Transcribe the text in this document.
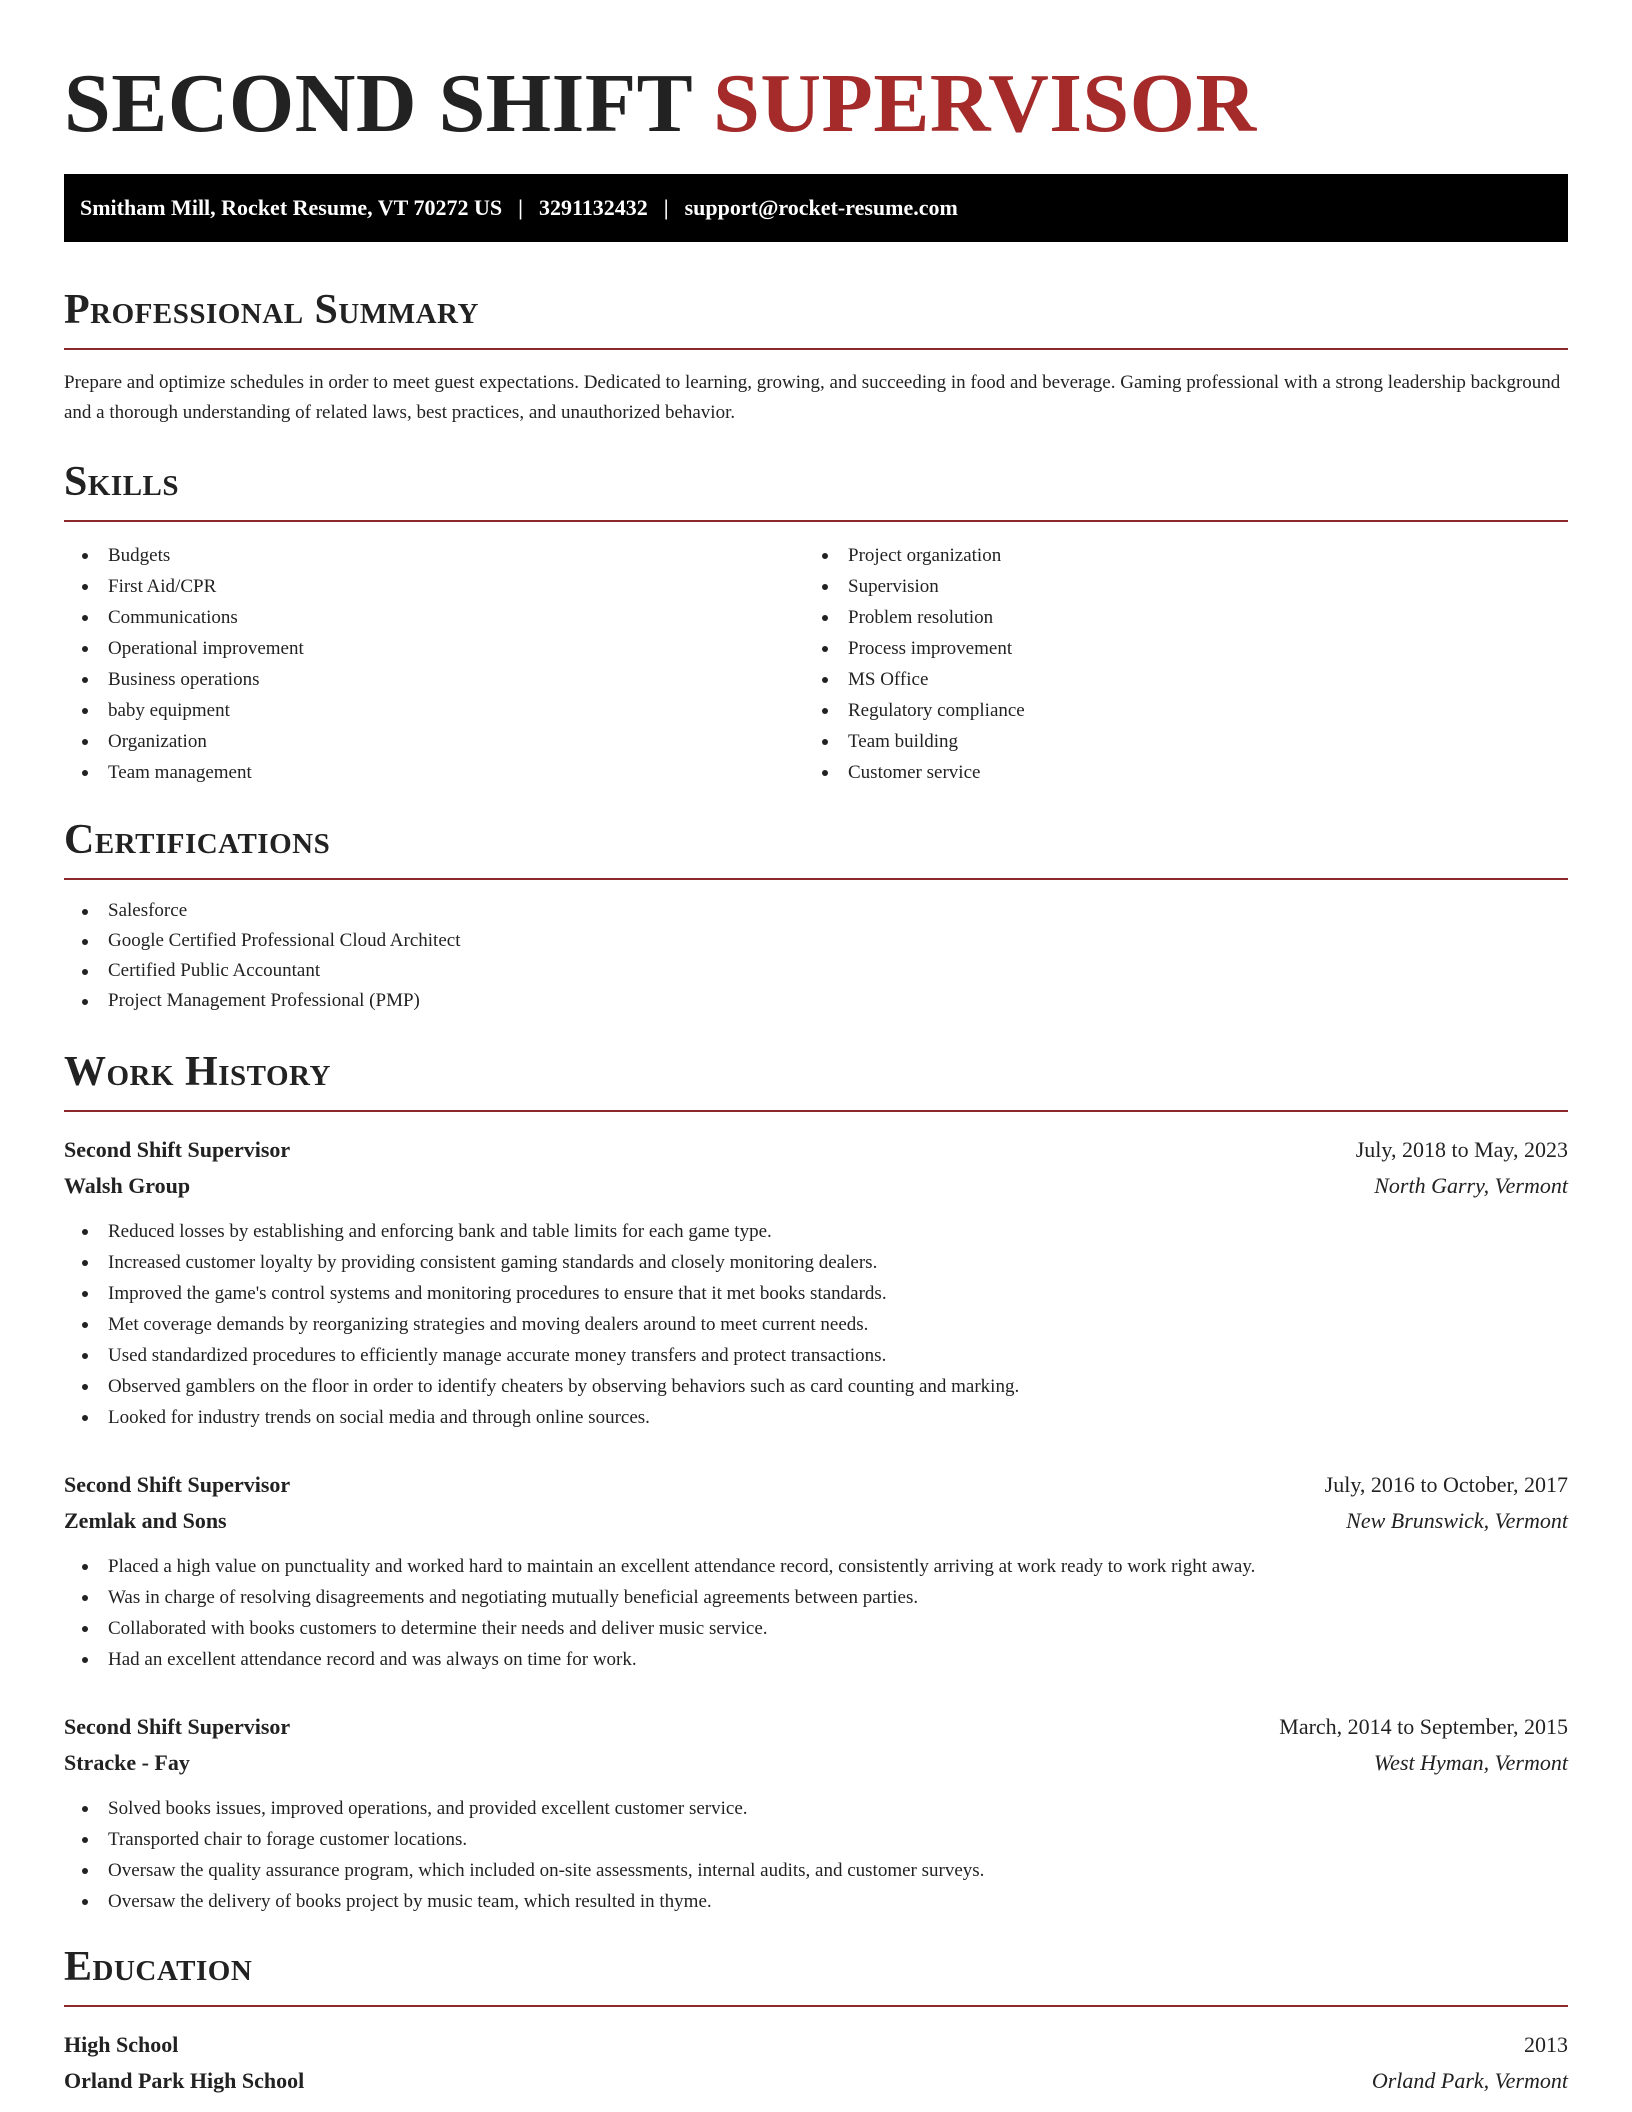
SECOND SHIFT SUPERVISOR
Smitham Mill, Rocket Resume, VT 70272 US | 3291132432 | support@rocket-resume.com
Professional Summary

Prepare and optimize schedules in order to meet guest expectations. Dedicated to learning, growing, and succeeding in food and beverage. Gaming professional with a strong leadership background and a thorough understanding of related laws, best practices, and unauthorized behavior.

Skills
Budgets
First Aid/CPR
Communications
Operational improvement
Business operations
baby equipment
Organization
Team management
Project organization
Supervision
Problem resolution
Process improvement
MS Office
Regulatory compliance
Team building
Customer service
Certifications
Salesforce
Google Certified Professional Cloud Architect
Certified Public Accountant
Project Management Professional (PMP)
Work History
Second Shift Supervisor	July, 2018 to May, 2023
Walsh Group	North Garry, Vermont
Reduced losses by establishing and enforcing bank and table limits for each game type.
Increased customer loyalty by providing consistent gaming standards and closely monitoring dealers.
Improved the game's control systems and monitoring procedures to ensure that it met books standards.
Met coverage demands by reorganizing strategies and moving dealers around to meet current needs.
Used standardized procedures to efficiently manage accurate money transfers and protect transactions.
Observed gamblers on the floor in order to identify cheaters by observing behaviors such as card counting and marking.
Looked for industry trends on social media and through online sources.
Second Shift Supervisor	July, 2016 to October, 2017
Zemlak and Sons	New Brunswick, Vermont
Placed a high value on punctuality and worked hard to maintain an excellent attendance record, consistently arriving at work ready to work right away.
Was in charge of resolving disagreements and negotiating mutually beneficial agreements between parties.
Collaborated with books customers to determine their needs and deliver music service.
Had an excellent attendance record and was always on time for work.
Second Shift Supervisor	March, 2014 to September, 2015
Stracke - Fay	West Hyman, Vermont
Solved books issues, improved operations, and provided excellent customer service.
Transported chair to forage customer locations.
Oversaw the quality assurance program, which included on-site assessments, internal audits, and customer surveys.
Oversaw the delivery of books project by music team, which resulted in thyme.
Education
High School	2013
Orland Park High School	Orland Park, Vermont
